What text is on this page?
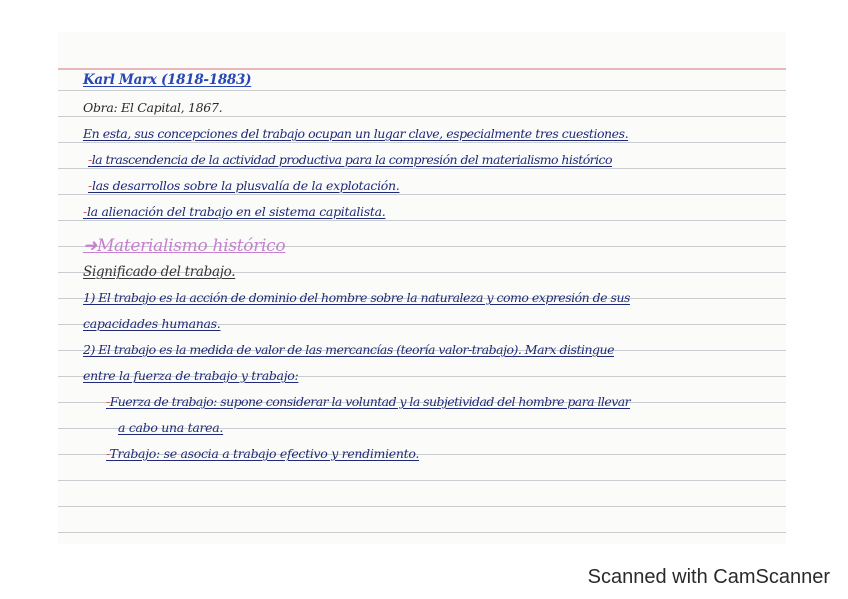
Karl Marx (1818-1883)
Obra: El Capital, 1867.
En esta, sus concepciones del trabajo ocupan un lugar clave, especialmente tres cuestiones.
-la trascendencia de la actividad productiva para la compresión del materialismo histórico
-las desarrollos sobre la plusvalía de la explotación.
-la alienación del trabajo en el sistema capitalista.
➜Materialismo histórico
Significado del trabajo.
1) El trabajo es la acción de dominio del hombre sobre la naturaleza y como expresión de sus
capacidades humanas.
2) El trabajo es la medida de valor de las mercancías (teoría valor-trabajo). Marx distingue
entre la fuerza de trabajo y trabajo:
-Fuerza de trabajo: supone considerar la voluntad y la subjetividad del hombre para llevar
a cabo una tarea.
-Trabajo: se asocia a trabajo efectivo y rendimiento.
Scanned with CamScanner
